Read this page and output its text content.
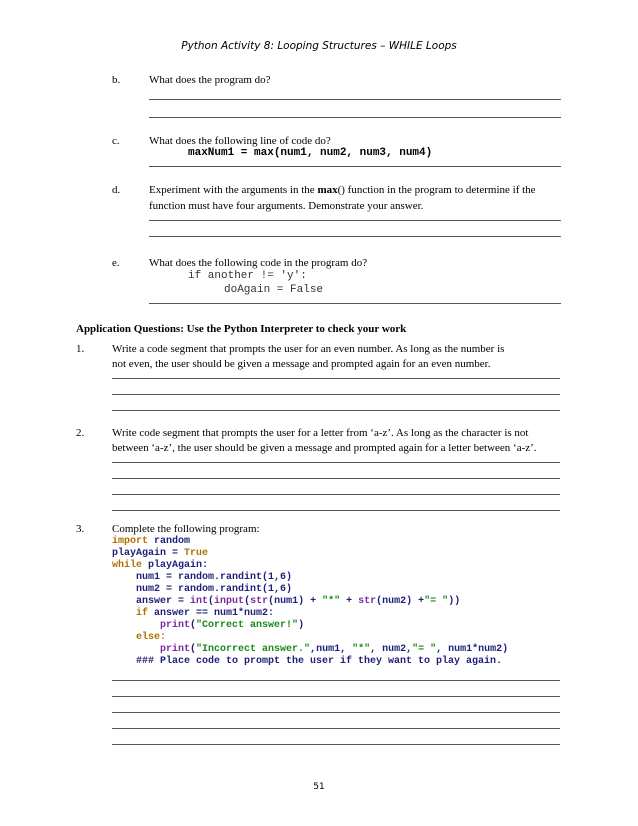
Python Activity 8: Looping Structures – WHILE Loops
b.	What does the program do?
c.	What does the following line of code do?
maxNum1 = max(num1, num2, num3, num4)
d.	Experiment with the arguments in the max() function in the program to determine if the
function must have four arguments. Demonstrate your answer.
e.	What does the following code in the program do?
if another != 'y':
doAgain = False
Application Questions: Use the Python Interpreter to check your work
1.	Write a code segment that prompts the user for an even number. As long as the number is
not even, the user should be given a message and prompted again for an even number.
2.	Write code segment that prompts the user for a letter from ‘a-z’. As long as the character is not
between ‘a-z’, the user should be given a message and prompted again for a letter between ‘a-z’.
3.	Complete the following program:
import random
playAgain = True
while playAgain:
num1 = random.randint(1,6)
num2 = random.randint(1,6)
answer = int(input(str(num1) + "*" + str(num2) +"= "))
if answer == num1*num2:
print("Correct answer!")
else:
print("Incorrect answer.",num1, "*", num2,"= ", num1*num2)
### Place code to prompt the user if they want to play again.
51
